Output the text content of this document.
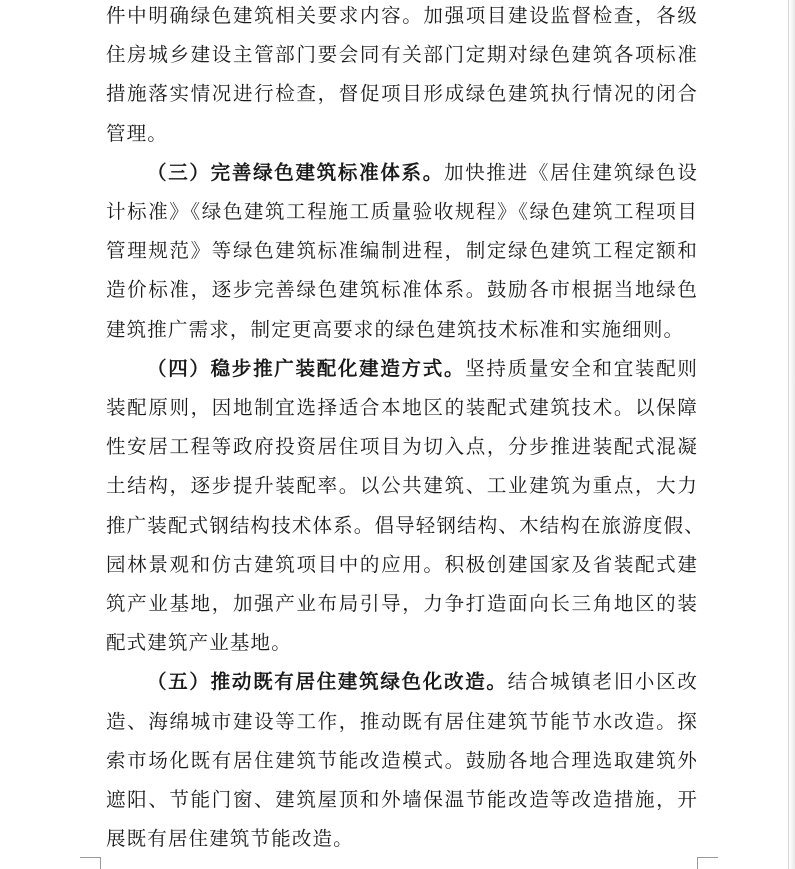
件中明确绿色建筑相关要求内容。加强项目建设监督检查，各级
住房城乡建设主管部门要会同有关部门定期对绿色建筑各项标准
措施落实情况进行检查，督促项目形成绿色建筑执行情况的闭合
管理。
（三）完善绿色建筑标准体系。加快推进《居住建筑绿色设
计标准》《绿色建筑工程施工质量验收规程》《绿色建筑工程项目
管理规范》等绿色建筑标准编制进程，制定绿色建筑工程定额和
造价标准，逐步完善绿色建筑标准体系。鼓励各市根据当地绿色
建筑推广需求，制定更高要求的绿色建筑技术标准和实施细则。
（四）稳步推广装配化建造方式。坚持质量安全和宜装配则
装配原则，因地制宜选择适合本地区的装配式建筑技术。以保障
性安居工程等政府投资居住项目为切入点，分步推进装配式混凝
土结构，逐步提升装配率。以公共建筑、工业建筑为重点，大力
推广装配式钢结构技术体系。倡导轻钢结构、木结构在旅游度假、
园林景观和仿古建筑项目中的应用。积极创建国家及省装配式建
筑产业基地，加强产业布局引导，力争打造面向长三角地区的装
配式建筑产业基地。
（五）推动既有居住建筑绿色化改造。结合城镇老旧小区改
造、海绵城市建设等工作，推动既有居住建筑节能节水改造。探
索市场化既有居住建筑节能改造模式。鼓励各地合理选取建筑外
遮阳、节能门窗、建筑屋顶和外墙保温节能改造等改造措施，开
展既有居住建筑节能改造。
